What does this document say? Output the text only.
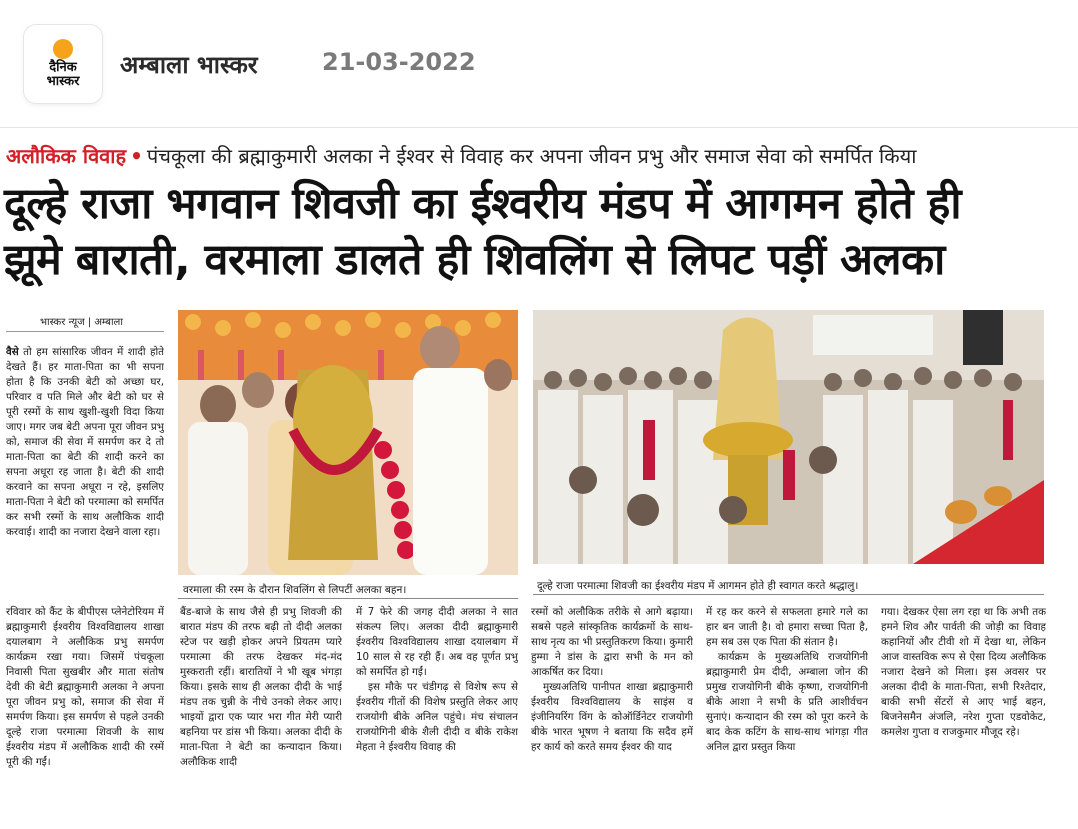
दैनिक
भास्कर
अम्बाला भास्कर	21-03-2022
अलौकिक विवाह • पंचकूला की ब्रह्माकुमारी अलका ने ईश्वर से विवाह कर अपना जीवन प्रभु और समाज सेवा को समर्पित किया
दूल्हे राजा भगवान शिवजी का ईश्वरीय मंडप में आगमन होते ही
झूमे बाराती, वरमाला डालते ही शिवलिंग से लिपट पड़ीं अलका
भास्कर न्यूज | अम्बाला

वैसे तो हम सांसारिक जीवन में शादी होते देखते हैं। हर माता-पिता का भी सपना होता है कि उनकी बेटी को अच्छा घर, परिवार व पति मिले और बेटी को घर से पूरी रस्मों के साथ खुशी-खुशी विदा किया जाए। मगर जब बेटी अपना पूरा जीवन प्रभु को, समाज की सेवा में समर्पण कर दे तो माता-पिता का बेटी की शादी करने का सपना अधूरा रह जाता है। बेटी की शादी करवाने का सपना अधूरा न रहे, इसलिए माता-पिता ने बेटी को परमात्मा को समर्पित कर सभी रस्मों के साथ अलौकिक शादी करवाई। शादी का नजारा देखने वाला रहा।

वरमाला की रस्म के दौरान शिवलिंग से लिपटीं अलका बहन।	दूल्हे राजा परमात्मा शिवजी का ईश्वरीय मंडप में आगमन होते ही स्वागत करते श्रद्धालु।

रविवार को कैंट के बीपीएस प्लेनेटोरियम में ब्रह्माकुमारी ईश्वरीय विश्वविद्यालय शाखा दयालबाग ने अलौकिक प्रभु समर्पण कार्यक्रम रखा गया। जिसमें पंचकूला निवासी पिता सुखबीर और माता संतोष देवी की बेटी ब्रह्माकुमारी अलका ने अपना पूरा जीवन प्रभु को, समाज की सेवा में समर्पण किया। इस समर्पण से पहले उनकी दूल्हे राजा परमात्मा शिवजी के साथ ईश्वरीय मंडप में अलौकिक शादी की रस्में पूरी की गईं।

बैंड-बाजे के साथ जैसे ही प्रभु शिवजी की बारात मंडप की तरफ बढ़ी तो दीदी अलका स्टेज पर खड़ी होकर अपने प्रियतम प्यारे परमात्मा की तरफ देखकर मंद-मंद मुस्कराती रहीं। बारातियों ने भी खूब भंगड़ा किया। इसके साथ ही अलका दीदी के भाई मंडप तक चुन्नी के नीचे उनको लेकर आए। भाइयों द्वारा एक प्यार भरा गीत मेरी प्यारी बहनिया पर डांस भी किया। अलका दीदी के माता-पिता ने बेटी का कन्यादान किया। अलौकिक शादी

में 7 फेरे की जगह दीदी अलका ने सात संकल्प लिए। अलका दीदी ब्रह्माकुमारी ईश्वरीय विश्वविद्यालय शाखा दयालबाग में 10 साल से रह रही हैं। अब वह पूर्णत प्रभु को समर्पित हो गईं।

इस मौके पर चंडीगढ़ से विशेष रूप से ईश्वरीय गीतों की विशेष प्रस्तुति लेकर आए राजयोगी बीके अनिल पहुंचे। मंच संचालन राजयोगिनी बीके शैली दीदी व बीके राकेश मेहता ने ईश्वरीय विवाह की

रस्मों को अलौकिक तरीके से आगे बढ़ाया। सबसे पहले सांस्कृतिक कार्यक्रमों के साथ-साथ नृत्य का भी प्रस्तुतिकरण किया। कुमारी हुम्मा ने डांस के द्वारा सभी के मन को आकर्षित कर दिया।

मुख्यअतिथि पानीपत शाखा ब्रह्माकुमारी ईश्वरीय विश्वविद्यालय के साइंस व इंजीनियरिंग विंग के कोऑर्डिनेटर राजयोगी बीके भारत भूषण ने बताया कि सदैव हमें हर कार्य को करते समय ईश्वर की याद

में रह कर करने से सफलता हमारे गले का हार बन जाती है। वो हमारा सच्चा पिता है, हम सब उस एक पिता की संतान है।

कार्यक्रम के मुख्यअतिथि राजयोगिनी ब्रह्माकुमारी प्रेम दीदी, अम्बाला जोन की प्रमुख राजयोगिनी बीके कृष्णा, राजयोगिनी बीके आशा ने सभी के प्रति आशीर्वचन सुनाएं। कन्यादान की रस्म को पूरा करने के बाद केक कटिंग के साथ-साथ भांगड़ा गीत अनिल द्वारा प्रस्तुत किया

गया। देखकर ऐसा लग रहा था कि अभी तक हमने शिव और पार्वती की जोड़ी का विवाह कहानियों और टीवी शो में देखा था, लेकिन आज वास्तविक रूप से ऐसा दिव्य अलौकिक नजारा देखने को मिला। इस अवसर पर अलका दीदी के माता-पिता, सभी रिश्तेदार, बाकी सभी सेंटरों से आए भाई बहन, बिजनेसमैन अंजलि, नरेश गुप्ता एडवोकेट, कमलेश गुप्ता व राजकुमार मौजूद रहे।
